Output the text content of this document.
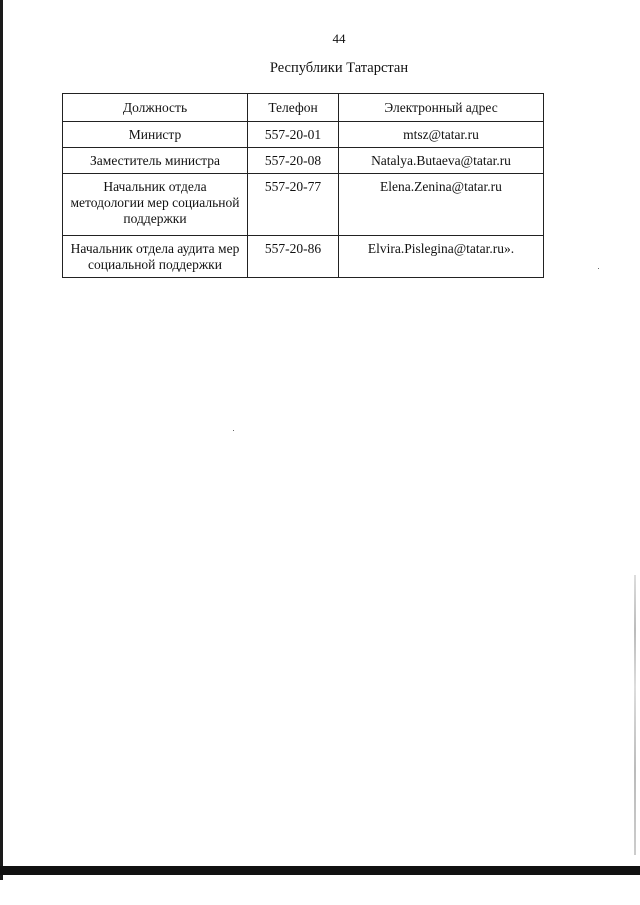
44
Республики Татарстан
Должность	Телефон	Электронный адрес
Министр	557-20-01	mtsz@tatar.ru
Заместитель министра	557-20-08	Natalya.Butaeva@tatar.ru
Начальник отдела методологии мер социальной поддержки	557-20-77	Elena.Zenina@tatar.ru
Начальник отдела аудита мер социальной поддержки	557-20-86	Elvira.Pislegina@tatar.ru».
